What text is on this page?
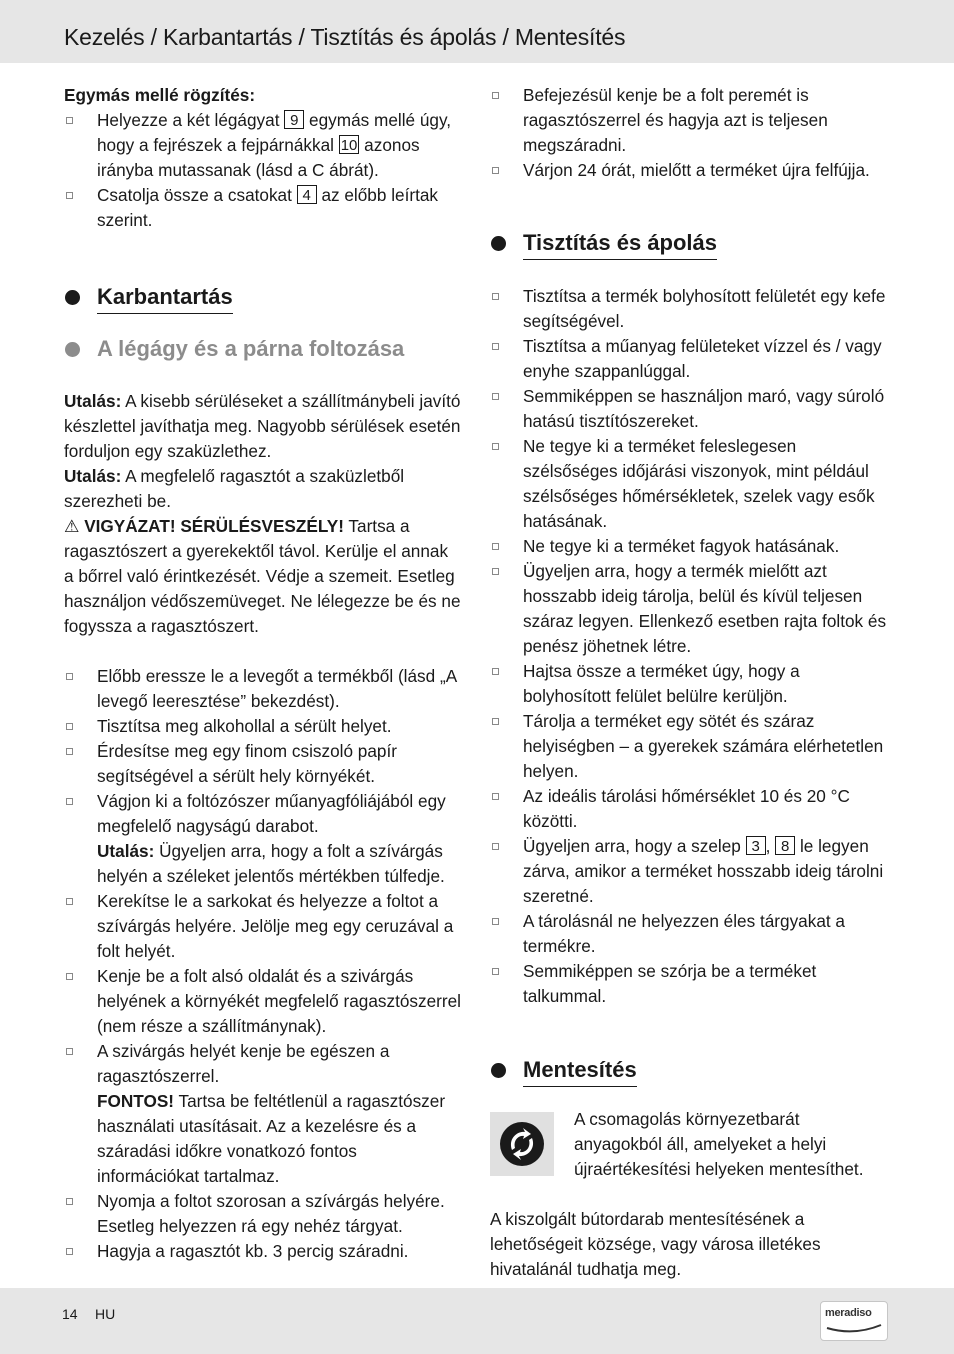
Kezelés / Karbantartás / Tisztítás és ápolás / Mentesítés

Egymás mellé rögzítés:

Helyezze a két légágyat 9 egymás mellé úgy, hogy a fejrészek a fejpárnákkal 10 azonos irányba mutassanak (lásd a C ábrát).
Csatolja össze a csatokat 4 az előbb leírtak szerint.
Karbantartás
A légágy és a párna foltozása

Utalás: A kisebb sérüléseket a szállítmánybeli javító készlettel javíthatja meg. Nagyobb sérülések esetén forduljon egy szaküzlethez.

Utalás: A megfelelő ragasztót a szaküzletből szerezheti be.

⚠ VIGYÁZAT! SÉRÜLÉSVESZÉLY! Tartsa a ragasztószert a gyerekektől távol. Kerülje el annak a bőrrel való érintkezését. Védje a szemeit. Esetleg használjon védőszemüveget. Ne lélegezze be és ne fogyssza a ragasztószert.

Előbb eressze le a levegőt a termékből (lásd „A levegő leeresztése” bekezdést).
Tisztítsa meg alkohollal a sérült helyet.
Érdesítse meg egy finom csiszoló papír segítségével a sérült hely környékét.
Vágjon ki a foltózószer műanyagfóliájából egy megfelelő nagyságú darabot.
Utalás: Ügyeljen arra, hogy a folt a szívárgás helyén a széleket jelentős mértékben túlfedje.
Kerekítse le a sarkokat és helyezze a foltot a szívárgás helyére. Jelölje meg egy ceruzával a folt helyét.
Kenje be a folt alsó oldalát és a szivárgás helyének a környékét megfelelő ragasztószerrel (nem része a szállítmánynak).
A szivárgás helyét kenje be egészen a ragasztószerrel.
FONTOS! Tartsa be feltétlenül a ragasztószer használati utasításait. Az a kezelésre és a száradási időkre vonatkozó fontos információkat tartalmaz.
Nyomja a foltot szorosan a szívárgás helyére. Esetleg helyezzen rá egy nehéz tárgyat.
Hagyja a ragasztót kb. 3 percig száradni.
Befejezésül kenje be a folt peremét is ragasztószerrel és hagyja azt is teljesen megszáradni.
Várjon 24 órát, mielőtt a terméket újra felfújja.
Tisztítás és ápolás
Tisztítsa a termék bolyhosított felületét egy kefe segítségével.
Tisztítsa a műanyag felületeket vízzel és / vagy enyhe szappanlúggal.
Semmiképpen se használjon maró, vagy súroló hatású tisztítószereket.
Ne tegye ki a terméket feleslegesen szélsőséges időjárási viszonyok, mint például szélsőséges hőmérsékletek, szelek vagy esők hatásának.
Ne tegye ki a terméket fagyok hatásának.
Ügyeljen arra, hogy a termék mielőtt azt hosszabb ideig tárolja, belül és kívül teljesen száraz legyen. Ellenkező esetben rajta foltok és penész jöhetnek létre.
Hajtsa össze a terméket úgy, hogy a bolyhosított felület belülre kerüljön.
Tárolja a terméket egy sötét és száraz helyiségben – a gyerekek számára elérhetetlen helyen.
Az ideális tárolási hőmérséklet 10 és 20 °C közötti.
Ügyeljen arra, hogy a szelep 3 , 8 le legyen zárva, amikor a terméket hosszabb ideig tárolni szeretné.
A tárolásnál ne helyezzen éles tárgyakat a termékre.
Semmiképpen se szórja be a terméket talkummal.
Mentesítés

A csomagolás környezetbarát anyagokból áll, amelyeket a helyi újraértékesítési helyeken mentesíthet.

A kiszolgált bútordarab mentesítésének a lehetőségeit községe, vagy városa illetékes hivatalánál tudhatja meg.

14 HU	meradiso
